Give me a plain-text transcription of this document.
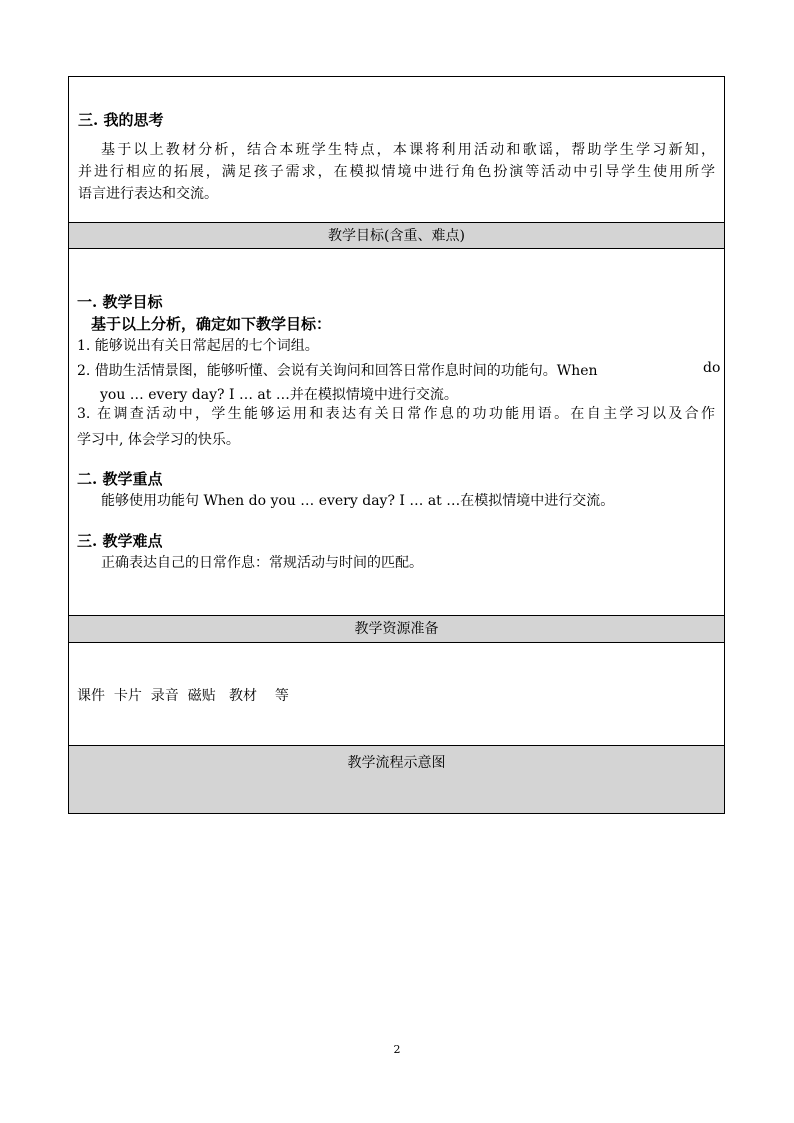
三. 我的思考
基于以上教材分析，结合本班学生特点，本课将利用活动和歌谣，帮助学生学习新知，
并进行相应的拓展，满足孩子需求，在模拟情境中进行角色扮演等活动中引导学生使用所学
语言进行表达和交流。
教学目标(含重、难点)
一. 教学目标
基于以上分析，确定如下教学目标：
1. 能够说出有关日常起居的七个词组。
2. 借助生活情景图，能够听懂、会说有关询问和回答日常作息时间的功能句。When	do
you … every day? I … at …并在模拟情境中进行交流。
3. 在调查活动中，学生能够运用和表达有关日常作息的功功能用语。在自主学习以及合作
学习中, 体会学习的快乐。
二. 教学重点
能够使用功能句 When do you … every day? I … at …在模拟情境中进行交流。
三. 教学难点
正确表达自己的日常作息：常规活动与时间的匹配。
教学资源准备
课件  卡片  录音  磁贴   教材    等
教学流程示意图
2
